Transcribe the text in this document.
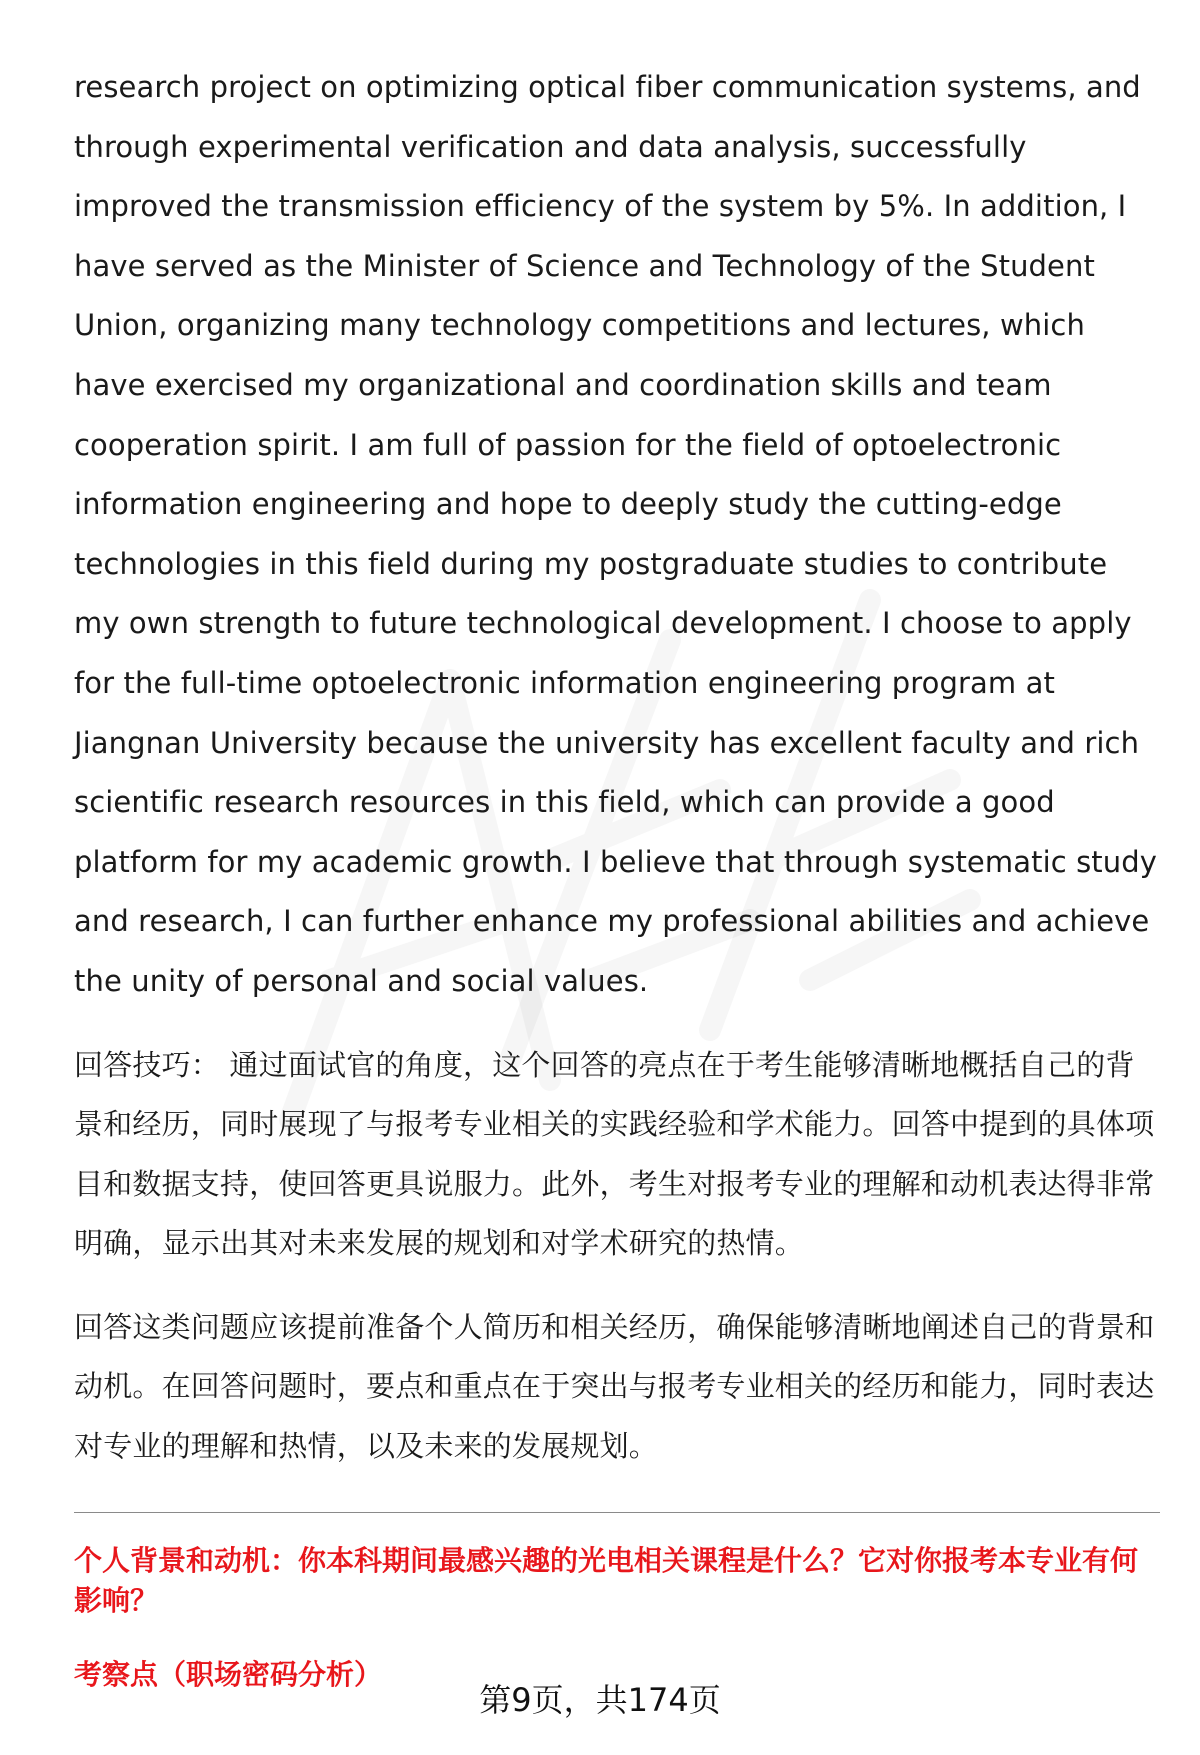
research project on optimizing optical fiber communication systems, and through experimental verification and data analysis, successfully improved the transmission efficiency of the system by 5%. In addition, I have served as the Minister of Science and Technology of the Student Union, organizing many technology competitions and lectures, which have exercised my organizational and coordination skills and team cooperation spirit. I am full of passion for the field of optoelectronic information engineering and hope to deeply study the cutting-edge technologies in this field during my postgraduate studies to contribute my own strength to future technological development. I choose to apply for the full-time optoelectronic information engineering program at Jiangnan University because the university has excellent faculty and rich scientific research resources in this field, which can provide a good platform for my academic growth. I believe that through systematic study and research, I can further enhance my professional abilities and achieve the unity of personal and social values.

回答技巧： 通过面试官的角度，这个回答的亮点在于考生能够清晰地概括自己的背景和经历，同时展现了与报考专业相关的实践经验和学术能力。回答中提到的具体项目和数据支持，使回答更具说服力。此外，考生对报考专业的理解和动机表达得非常明确，显示出其对未来发展的规划和对学术研究的热情。

回答这类问题应该提前准备个人简历和相关经历，确保能够清晰地阐述自己的背景和动机。在回答问题时，要点和重点在于突出与报考专业相关的经历和能力，同时表达对专业的理解和热情，以及未来的发展规划。

个人背景和动机：你本科期间最感兴趣的光电相关课程是什么？它对你报考本专业有何影响？
考察点（职场密码分析）
第9页，共174页
